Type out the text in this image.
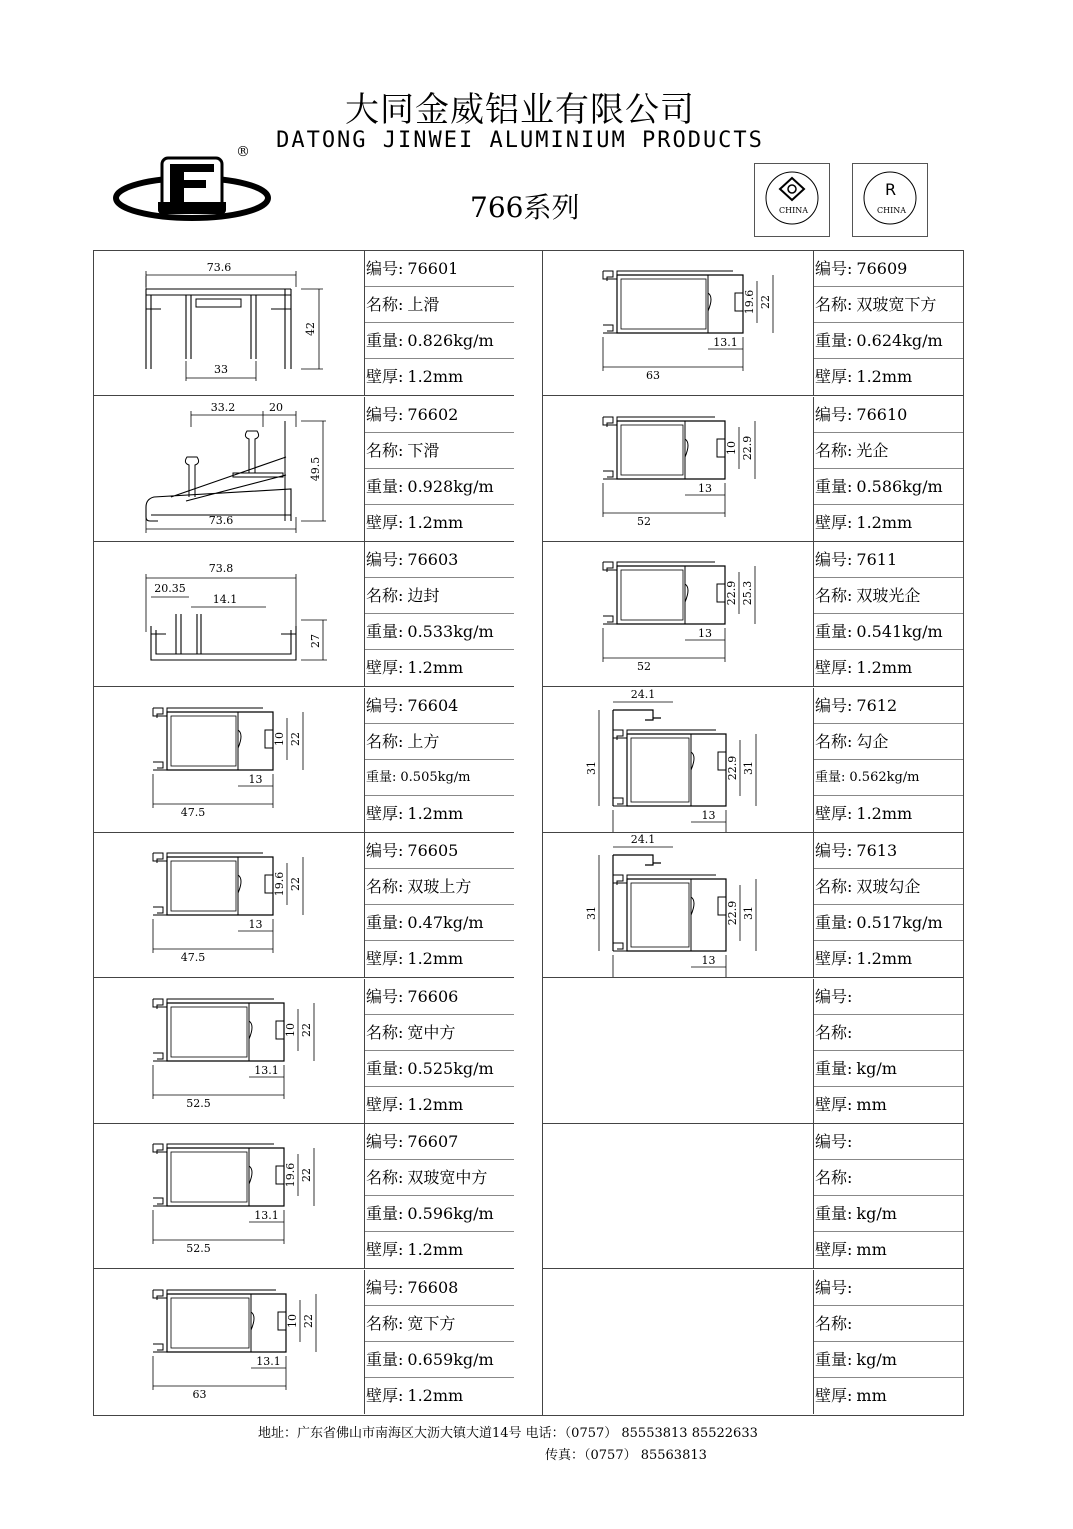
大同金威铝业有限公司
DATONG JINWEI ALUMINIUM PRODUCTS
766系列
®
CHINA
R
CHINA
73.6
42
33
编号: 76601
名称: 上滑
重量: 0.826kg/m
壁厚: 1.2mm
33.2	20
49.5
73.6
编号: 76602
名称: 下滑
重量: 0.928kg/m
壁厚: 1.2mm
73.8
20.35
14.1
27
编号: 76603
名称: 边封
重量: 0.533kg/m
壁厚: 1.2mm
47.5
13
10 22
编号: 76604
名称: 上方
重量: 0.505kg/m
壁厚: 1.2mm
47.5
13
19.6 22
编号: 76605
名称: 双玻上方
重量: 0.47kg/m
壁厚: 1.2mm
52.5
13.1
10 22
编号: 76606
名称: 宽中方
重量: 0.525kg/m
壁厚: 1.2mm
52.5
13.1
19.6 22
编号: 76607
名称: 双玻宽中方
重量: 0.596kg/m
壁厚: 1.2mm
63
13.1
10 22
编号: 76608
名称: 宽下方
重量: 0.659kg/m
壁厚: 1.2mm
63
13.1
19.6 22
编号: 76609
名称: 双玻宽下方
重量: 0.624kg/m
壁厚: 1.2mm
52
13
10 22.9
编号: 76610
名称: 光企
重量: 0.586kg/m
壁厚: 1.2mm
52
13
22.9 25.3
编号: 7611
名称: 双玻光企
重量: 0.541kg/m
壁厚: 1.2mm
13
22.9 31
24.1
31
编号: 7612
名称: 勾企
重量: 0.562kg/m
壁厚: 1.2mm
13
22.9 31
24.1
31
编号: 7613
名称: 双玻勾企
重量: 0.517kg/m
壁厚: 1.2mm
编号:
名称:
重量: kg/m
壁厚: mm
编号:
名称:
重量: kg/m
壁厚: mm
编号:
名称:
重量: kg/m
壁厚: mm
地址：广东省佛山市南海区大沥大镇大道14号 电话：（0757） 85553813 85522633
传真：（0757） 85563813
